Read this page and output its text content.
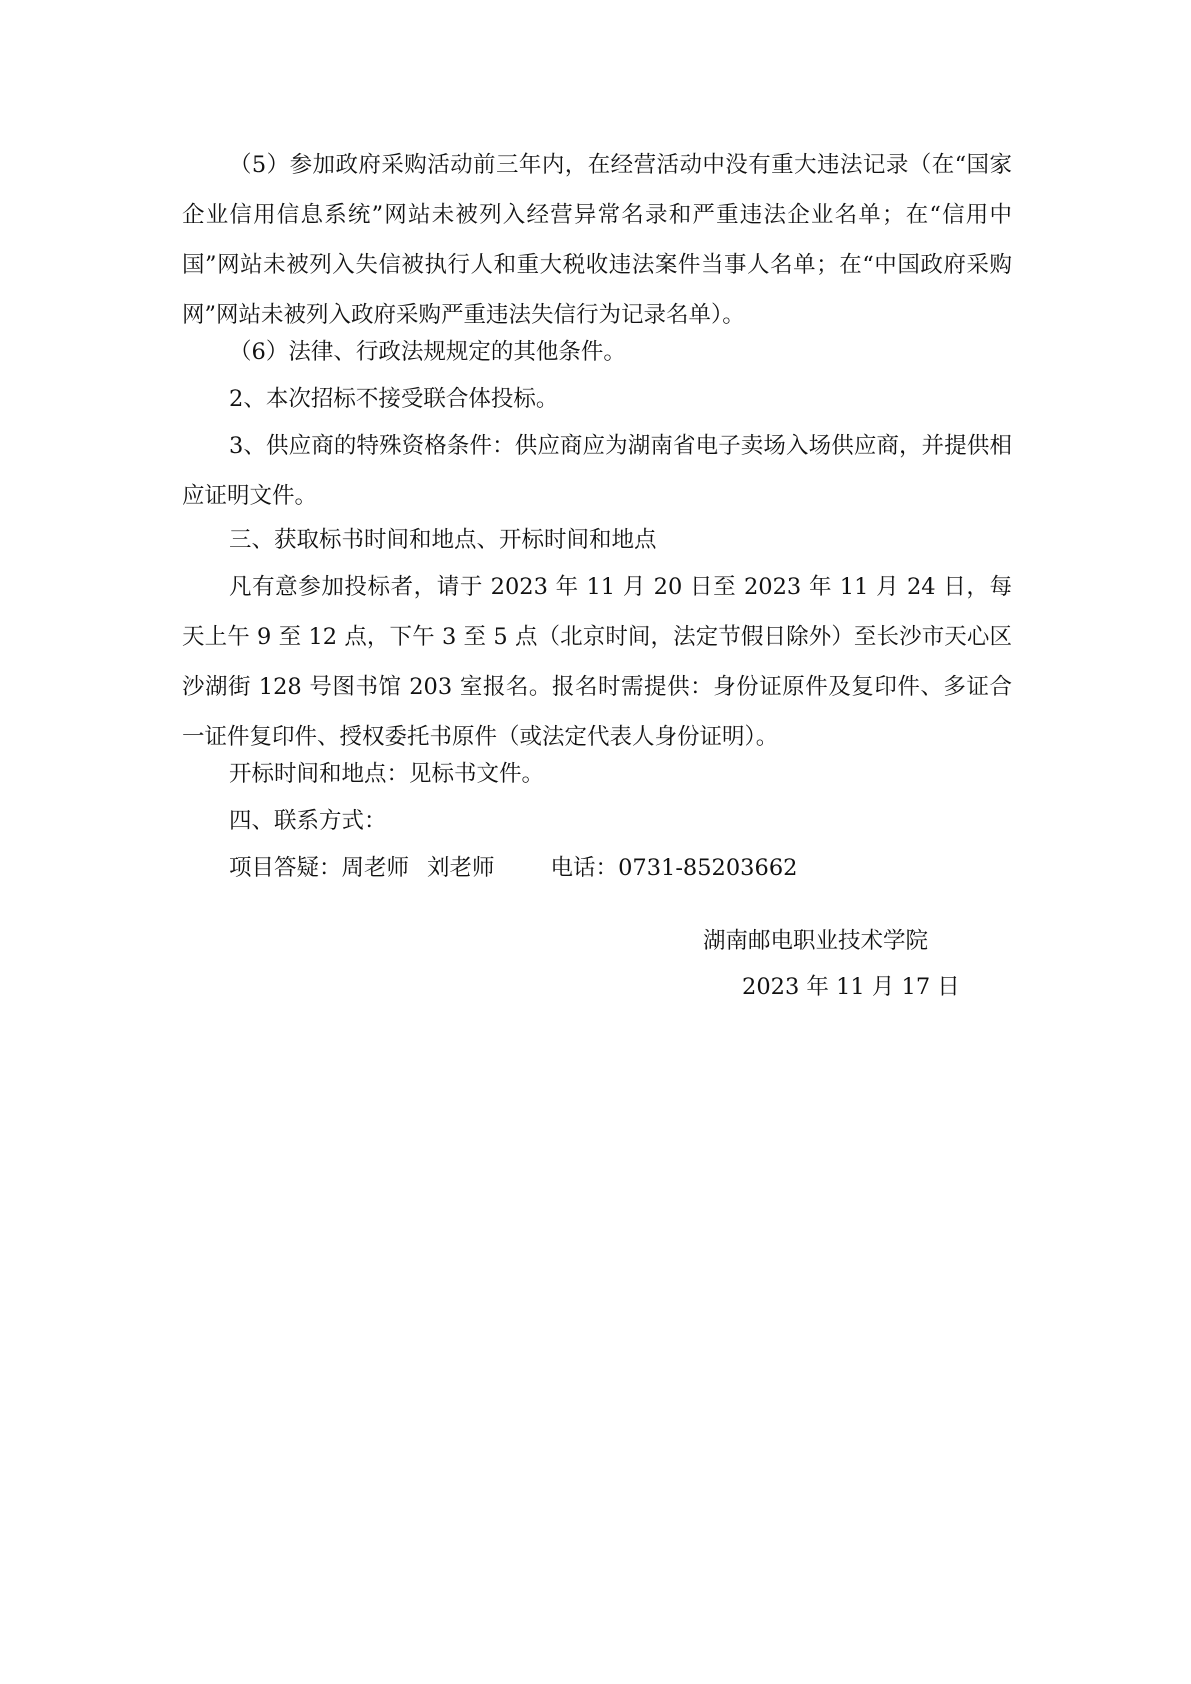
（5）参加政府采购活动前三年内，在经营活动中没有重大违法记录（在“国家企业信用信息系统”网站未被列入经营异常名录和严重违法企业名单；在“信用中国”网站未被列入失信被执行人和重大税收违法案件当事人名单；在“中国政府采购网”网站未被列入政府采购严重违法失信行为记录名单）。

（6）法律、行政法规规定的其他条件。

2、本次招标不接受联合体投标。

3、供应商的特殊资格条件：供应商应为湖南省电子卖场入场供应商，并提供相应证明文件。

三、获取标书时间和地点、开标时间和地点

凡有意参加投标者，请于 2023 年 11 月 20 日至 2023 年 11 月 24 日，每天上午 9 至 12 点，下午 3 至 5 点（北京时间，法定节假日除外）至长沙市天心区沙湖街 128 号图书馆 203 室报名。报名时需提供：身份证原件及复印件、多证合一证件复印件、授权委托书原件（或法定代表人身份证明）。

开标时间和地点：见标书文件。

四、联系方式：

项目答疑：周老师 刘老师 电话：0731-85203662

湖南邮电职业技术学院

2023 年 11 月 17 日
